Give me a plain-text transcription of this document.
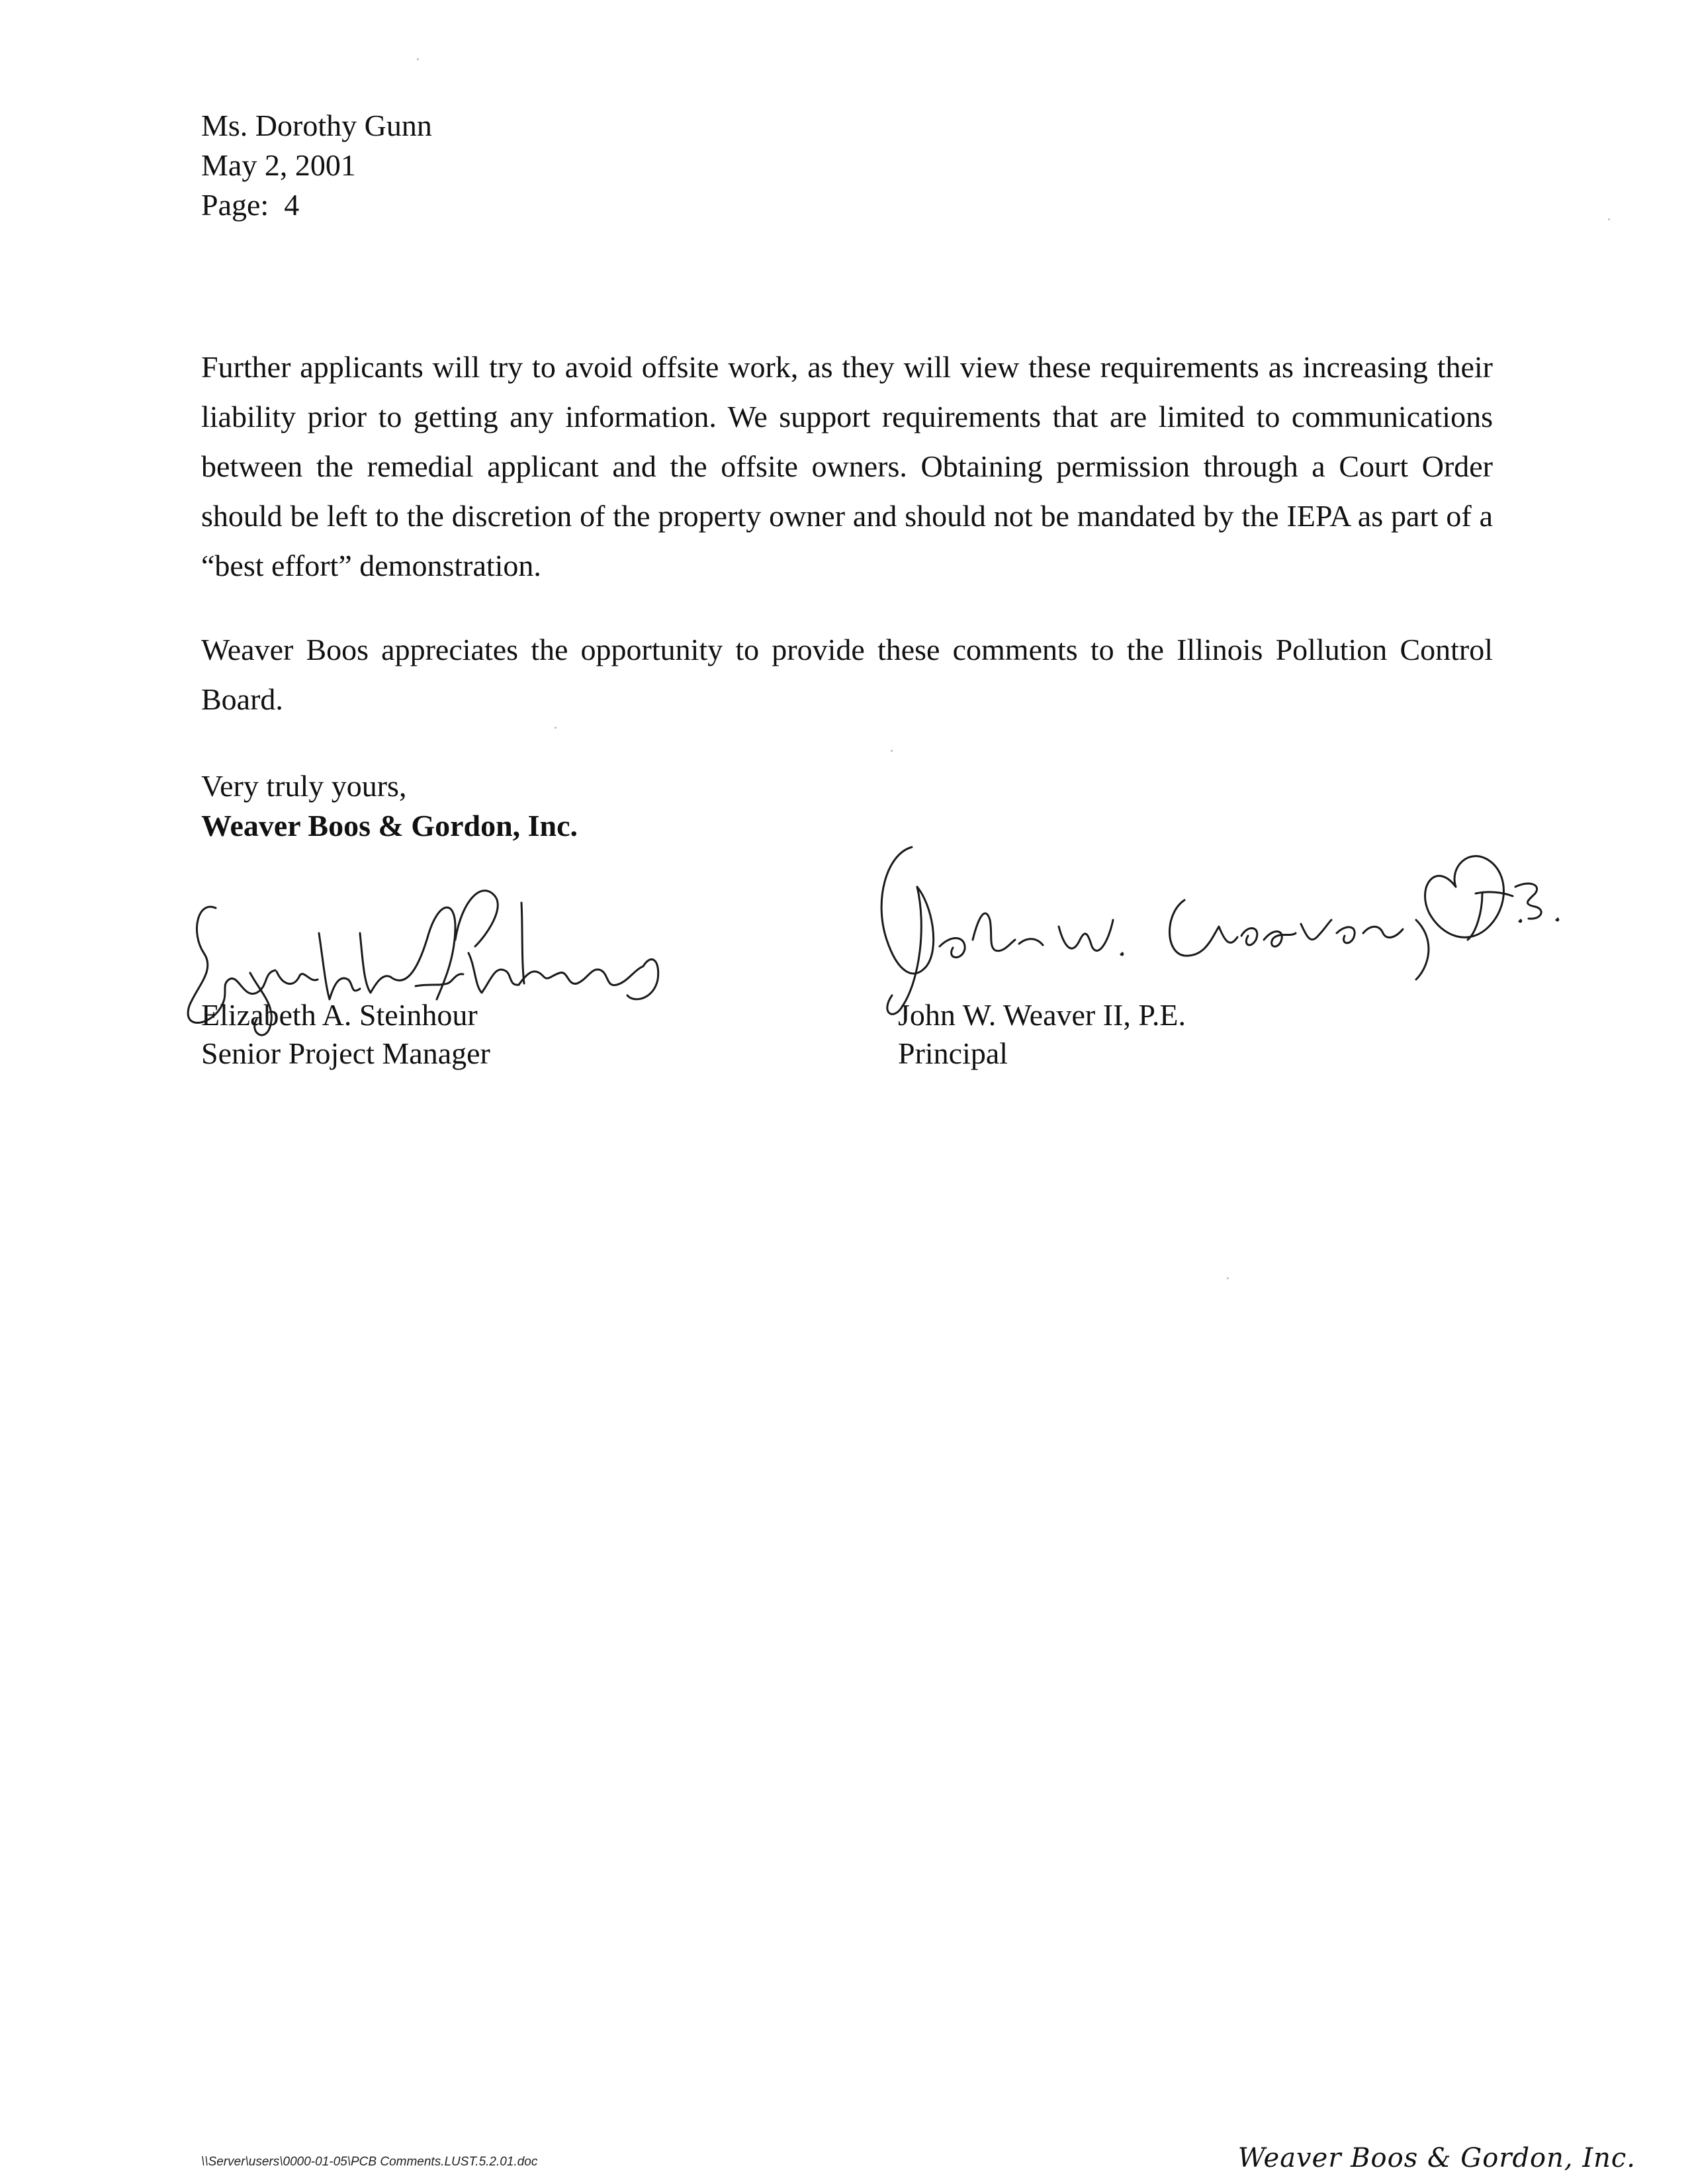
Ms. Dorothy Gunn
May 2, 2001
Page:  4
Further applicants will try to avoid offsite work, as they will view these requirements as increasing their liability prior to getting any information. We support requirements that are limited to communications between the remedial applicant and the offsite owners. Obtaining permission through a Court Order should be left to the discretion of the property owner and should not be mandated by the IEPA as part of a “best effort” demonstration.
Weaver Boos appreciates the opportunity to provide these comments to the Illinois Pollution Control Board.
Very truly yours,
Weaver Boos & Gordon, Inc.
Elizabeth A. Steinhour
Senior Project Manager
John W. Weaver II, P.E.
Principal
\\Server\users\0000-01-05\PCB Comments.LUST.5.2.01.doc	Weaver Boos & Gordon, Inc.
